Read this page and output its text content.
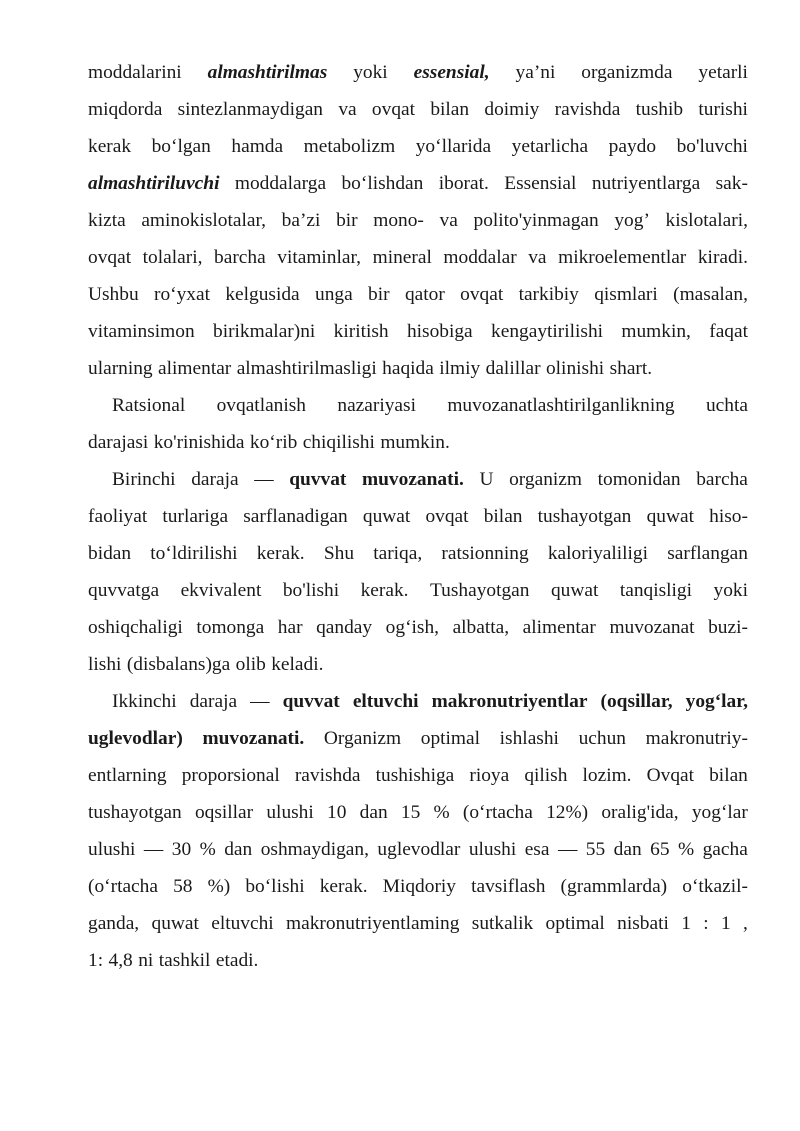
moddalarini almashtirilmas yoki essensial, ya’ni organizmda yetarli
miqdorda sintezlanmaydigan va ovqat bilan doimiy ravishda tushib turishi
kerak bo‘lgan hamda metabolizm yo‘llarida yetarlicha paydo bo'luvchi
almashtiriluvchi moddalarga bo‘lishdan iborat. Essensial nutriyentlarga sak-
kizta aminokislotalar, ba’zi bir mono- va polito'yinmagan yog’ kislotalari,
ovqat tolalari, barcha vitaminlar, mineral moddalar va mikroelementlar kiradi.
Ushbu ro‘yxat kelgusida unga bir qator ovqat tarkibiy qismlari (masalan,
vitaminsimon birikmalar)ni kiritish hisobiga kengaytirilishi mumkin, faqat
ularning alimentar almashtirilmasligi haqida ilmiy dalillar olinishi shart.
Ratsional ovqatlanish nazariyasi muvozanatlashtirilganlikning uchta
darajasi ko'rinishida ko‘rib chiqilishi mumkin.
Birinchi daraja — quvvat muvozanati. U organizm tomonidan barcha
faoliyat turlariga sarflanadigan quwat ovqat bilan tushayotgan quwat hiso-
bidan to‘ldirilishi kerak. Shu tariqa, ratsionning kaloriyaliligi sarflangan
quvvatga ekvivalent bo'lishi kerak. Tushayotgan quwat tanqisligi yoki
oshiqchaligi tomonga har qanday og‘ish, albatta, alimentar muvozanat buzi-
lishi (disbalans)ga olib keladi.
Ikkinchi daraja — quvvat eltuvchi makronutriyentlar (oqsillar, yog‘lar,
uglevodlar) muvozanati. Organizm optimal ishlashi uchun makronutriy-
entlarning proporsional ravishda tushishiga rioya qilish lozim. Ovqat bilan
tushayotgan oqsillar ulushi 10 dan 15 % (o‘rtacha 12%) oralig'ida, yog‘lar
ulushi — 30 % dan oshmaydigan, uglevodlar ulushi esa — 55 dan 65 % gacha
(o‘rtacha 58 %) bo‘lishi kerak. Miqdoriy tavsiflash (grammlarda) o‘tkazil-
ganda, quwat eltuvchi makronutriyentlaming sutkalik optimal nisbati 1 : 1 ,
1: 4,8 ni tashkil etadi.
